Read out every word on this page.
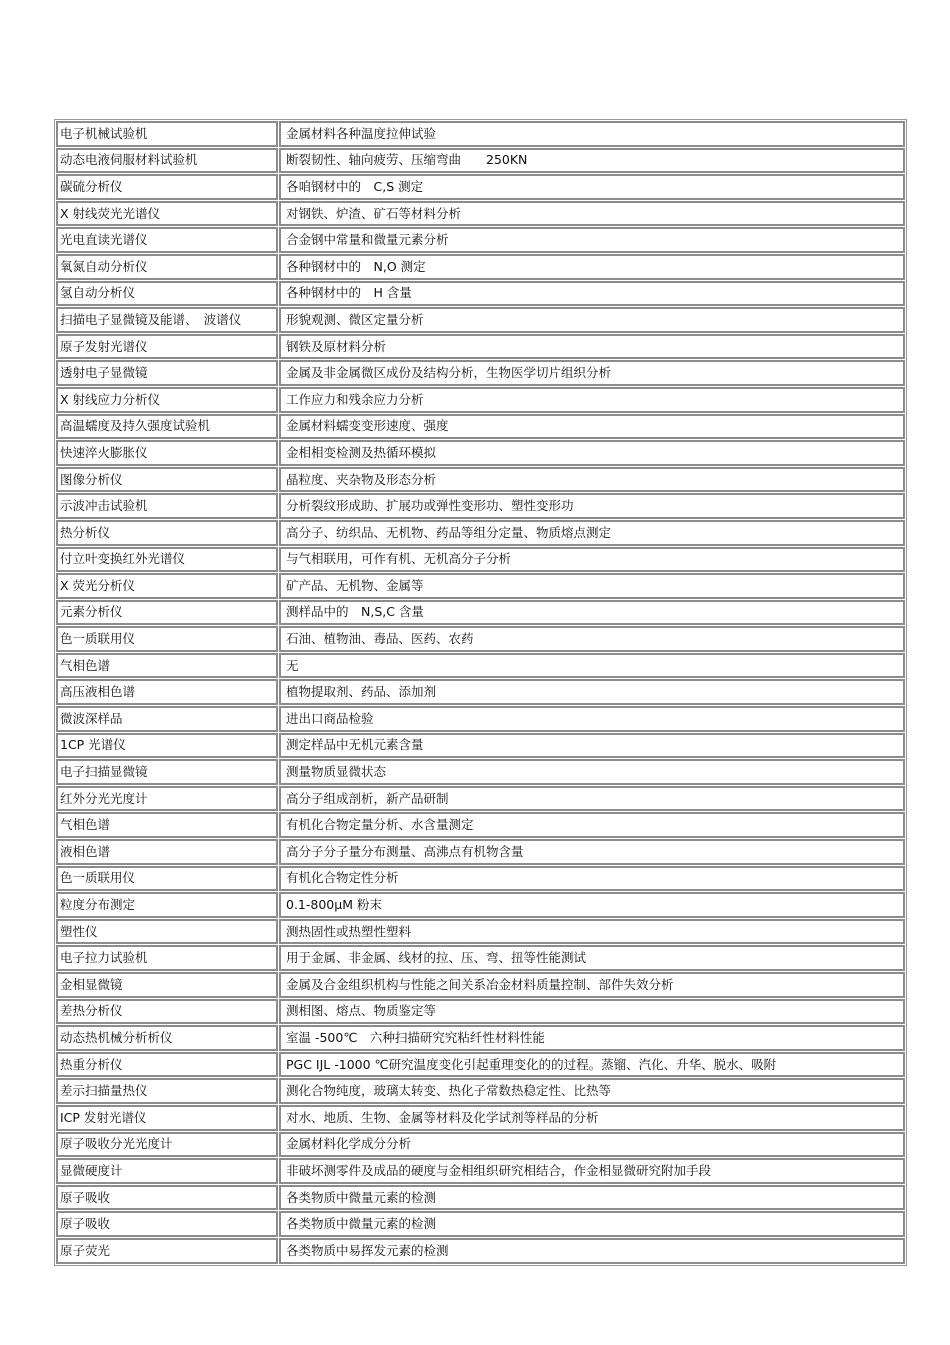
电子机械试验机	金属材料各种温度拉伸试验
动态电液伺服材料试验机	断裂韧性、轴向疲劳、压缩弯曲　　250KN
碳硫分析仪	各咱钢材中的　C,S 测定
X 射线荧光光谱仪	对钢铁、炉渣、矿石等材料分析
光电直读光谱仪	合金钢中常量和微量元素分析
氧氮自动分析仪	各种钢材中的　N,O 测定
氢自动分析仪	各种钢材中的　H 含量
扫描电子显微镜及能谱、　波谱仪	形貌观测、微区定量分析
原子发射光谱仪	钢铁及原材料分析
透射电子显微镜	金属及非金属微区成份及结构分析，生物医学切片组织分析
X 射线应力分析仪	工作应力和残余应力分析
高温蠕度及持久强度试验机	金属材料蠕变变形速度、强度
快速淬火膨胀仪	金相相变检测及热循环模拟
图像分析仪	晶粒度、夹杂物及形态分析
示波冲击试验机	分析裂纹形成助、扩展功或弹性变形功、塑性变形功
热分析仪	高分子、纺织品、无机物、药品等组分定量、物质熔点测定
付立叶变换红外光谱仪	与气相联用，可作有机、无机高分子分析
X 荧光分析仪	矿产品、无机物、金属等
元素分析仪	测样品中的　N,S,C 含量
色一质联用仪	石油、植物油、毒品、医药、农药
气相色谱	无
高压液相色谱	植物提取剂、药品、添加剂
微波深样品	进出口商品检验
1CP 光谱仪	测定样品中无机元素含量
电子扫描显微镜	测量物质显微状态
红外分光光度计	高分子组成剖析，新产品研制
气相色谱	有机化合物定量分析、水含量测定
液相色谱	高分子分子量分布测量、高沸点有机物含量
色一质联用仪	有机化合物定性分析
粒度分布测定	0.1-800μM 粉末
塑性仪	测热固性或热塑性塑料
电子拉力试验机	用于金属、非金属、线材的拉、压、弯、扭等性能测试
金相显微镜	金属及合金组织机构与性能之间关系冶金材料质量控制、部件失效分析
差热分析仪	测相图、熔点、物质鉴定等
动态热机械分析析仪	室温 -500℃　六种扫描研究究粘纤性材料性能
热重分析仪	PGC IJL -1000 ℃研究温度变化引起重理变化的的过程。蒸镏、汽化、升华、脱水、吸附
差示扫描量热仪	测化合物纯度，玻璃太转变、热化子常数热稳定性、比热等
ICP 发射光谱仪	对水、地质、生物、金属等材料及化学试剂等样品的分析
原子吸收分光光度计	金属材料化学成分分析
显微硬度计	非破坏测零件及成品的硬度与金相组织研究相结合，作金相显微研究附加手段
原子吸收	各类物质中微量元素的检测
原子吸收	各类物质中微量元素的检测
原子荧光	各类物质中易挥发元素的检测
